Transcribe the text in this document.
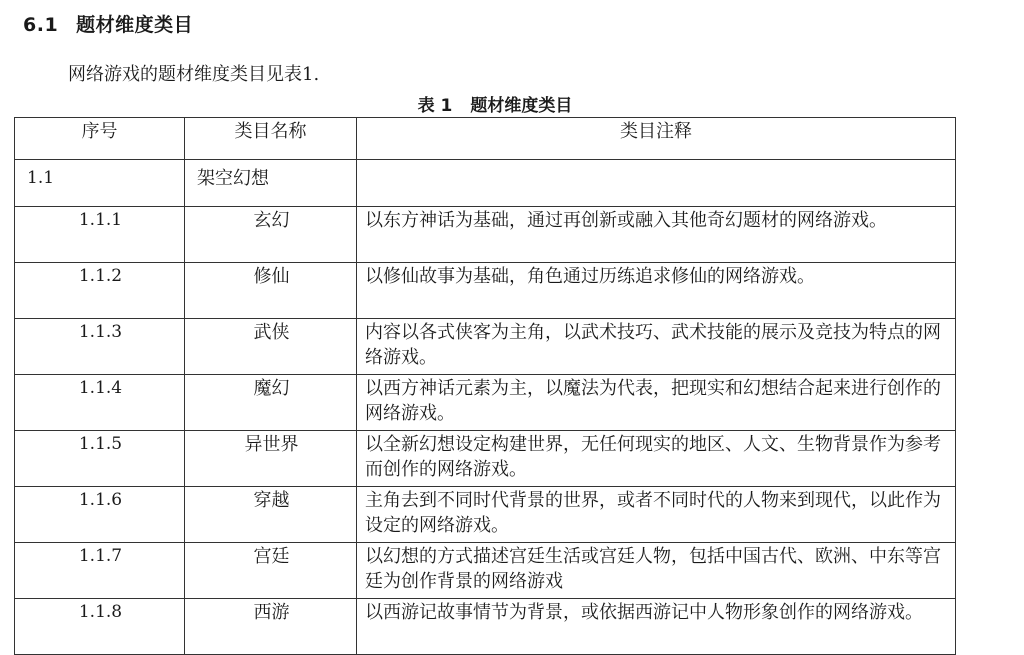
6.1 题材维度类目
网络游戏的题材维度类目见表1.
表 1 题材维度类目
序号	类目名称	类目注释
1.1	架空幻想	
1.1.1	玄幻	以东方神话为基础，通过再创新或融入其他奇幻题材的网络游戏。
1.1.2	修仙	以修仙故事为基础，角色通过历练追求修仙的网络游戏。
1.1.3	武侠	内容以各式侠客为主角，以武术技巧、武术技能的展示及竞技为特点的网络游戏。
1.1.4	魔幻	以西方神话元素为主，以魔法为代表，把现实和幻想结合起来进行创作的网络游戏。
1.1.5	异世界	以全新幻想设定构建世界，无任何现实的地区、人文、生物背景作为参考而创作的网络游戏。
1.1.6	穿越	主角去到不同时代背景的世界，或者不同时代的人物来到现代，以此作为设定的网络游戏。
1.1.7	宫廷	以幻想的方式描述宫廷生活或宫廷人物，包括中国古代、欧洲、中东等宫廷为创作背景的网络游戏
1.1.8	西游	以西游记故事情节为背景，或依据西游记中人物形象创作的网络游戏。
